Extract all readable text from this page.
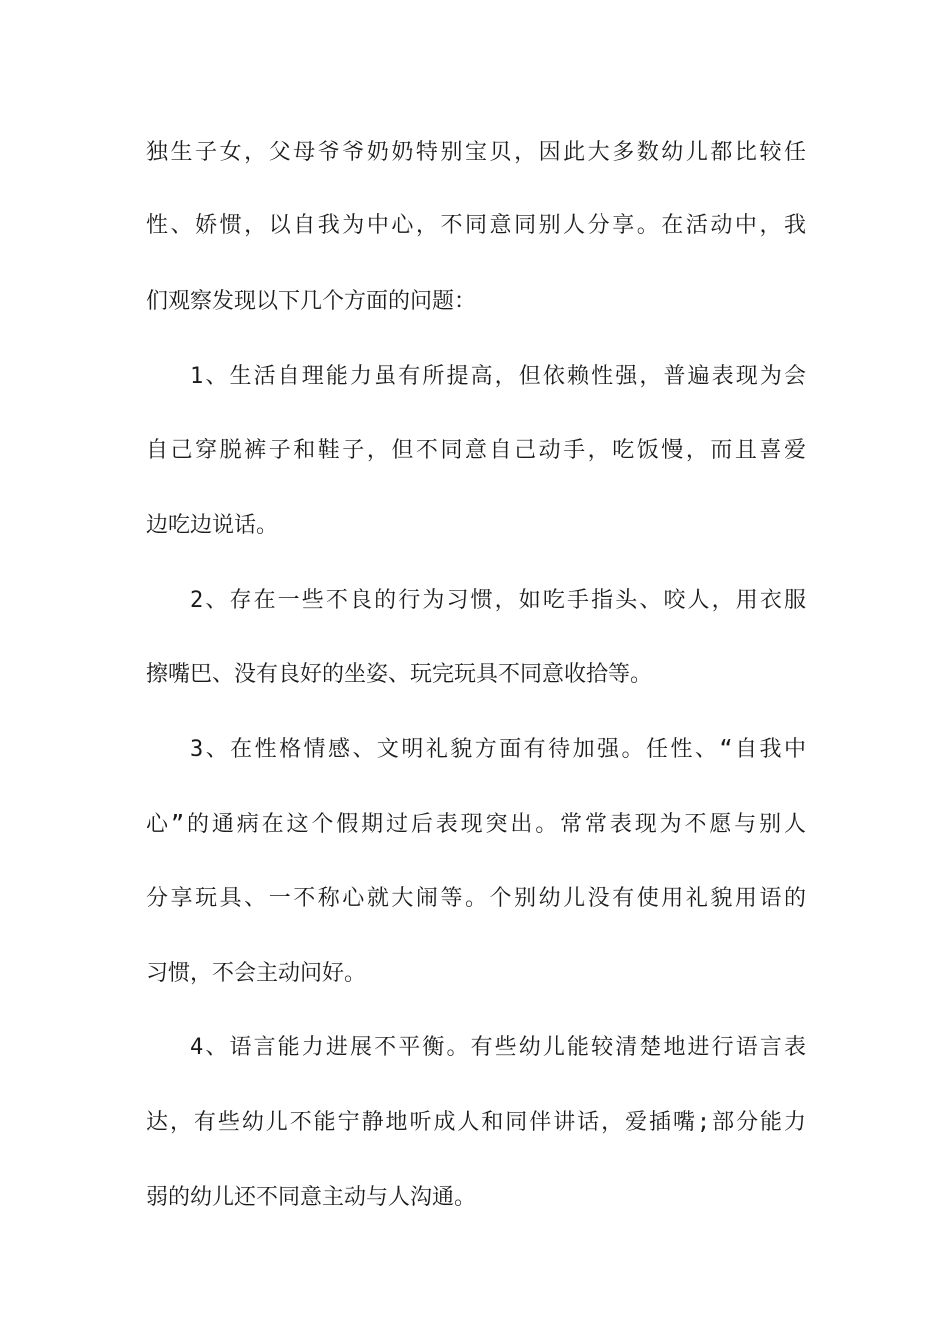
独生子女，父母爷爷奶奶特别宝贝，因此大多数幼儿都比较任
性、娇惯，以自我为中心，不同意同别人分享。在活动中，我
们观察发现以下几个方面的问题：
1、生活自理能力虽有所提高，但依赖性强，普遍表现为会
自己穿脱裤子和鞋子，但不同意自己动手，吃饭慢，而且喜爱
边吃边说话。
2、存在一些不良的行为习惯，如吃手指头、咬人，用衣服
擦嘴巴、没有良好的坐姿、玩完玩具不同意收拾等。
3、在性格情感、文明礼貌方面有待加强。任性、“自我中
心”的通病在这个假期过后表现突出。常常表现为不愿与别人
分享玩具、一不称心就大闹等。个别幼儿没有使用礼貌用语的
习惯，不会主动问好。
4、语言能力进展不平衡。有些幼儿能较清楚地进行语言表
达，有些幼儿不能宁静地听成人和同伴讲话，爱插嘴;部分能力
弱的幼儿还不同意主动与人沟通。
